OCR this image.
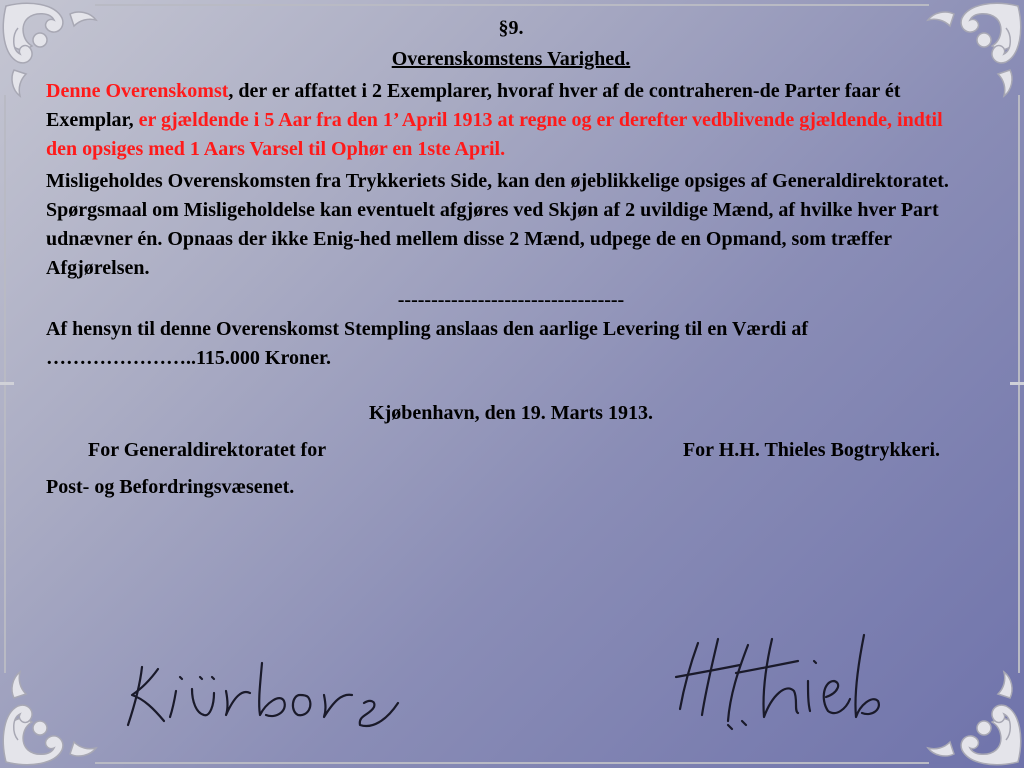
§9.
Overenskomstens Varighed.

Denne Overenskomst, der er affattet i 2 Exemplarer, hvoraf hver af de contraheren-de Parter faar ét Exemplar, er gjældende i 5 Aar fra den 1’ April 1913 at regne og er derefter vedblivende gjældende, indtil den opsiges med 1 Aars Varsel til Ophør en 1ste April.

Misligeholdes Overenskomsten fra Trykkeriets Side, kan den øjeblikkelige opsiges af Generaldirektoratet. Spørgsmaal om Misligeholdelse kan eventuelt afgjøres ved Skjøn af 2 uvildige Mænd, af hvilke hver Part udnævner én. Opnaas der ikke Enig-hed mellem disse 2 Mænd, udpege de en Opmand, som træffer Afgjørelsen.

----------------------------------

Af hensyn til denne Overenskomst Stempling anslaas den aarlige Levering til en Værdi af …………………..115.000 Kroner.

Kjøbenhavn, den 19. Marts 1913.
For Generaldirektoratet for	For H.H. Thieles Bogtrykkeri.
Post- og Befordringsvæsenet.
